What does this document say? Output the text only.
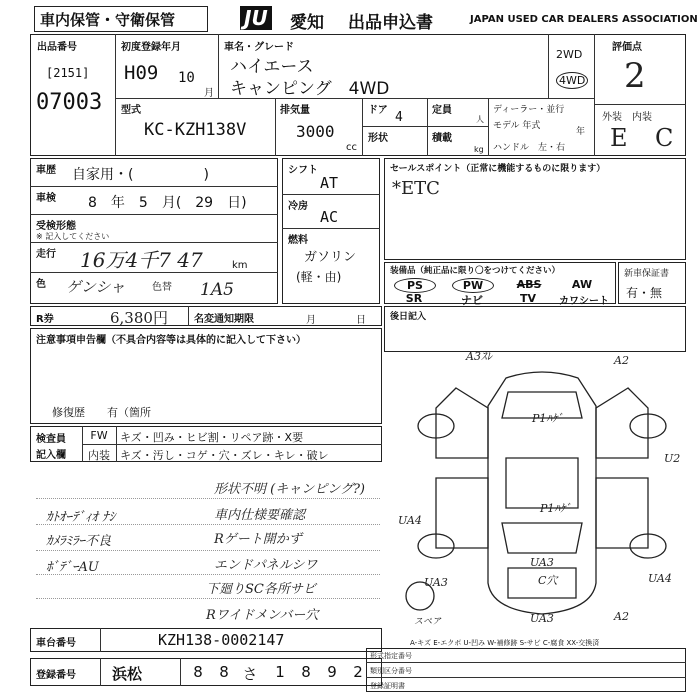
車内保管・守衛保管	JU 愛知 出品申込書	JAPAN USED CAR DEALERS ASSOCIATION
出品番号
[2151]
07003
初度登録年月
H09 10
月
車名・グレード
ハイエース
キャンピング　4WD
2WD
4WD
評価点
2
外装　内装
E C
型式
KC-KZH138V
排気量
3000
cc
ドア 4
形状
定員
人
積載
kg
ディーラー・並行
モデル 年式
年
ハンドル　左・右
車歴 自家用・(　　　　　)
車検 8　年　5　月(　29　日)
受検形態
※ 記入してください
走行 16万4千7 47	km
色 ゲンシャ	色替 1A5
シフト
AT
冷房
AC
燃料
ガソリン
(軽・由)
セールスポイント（正常に機能するものに限ります）
*ETC
装備品（純正品に限り〇をつけてください）
PS	PW	ABS	AW
SR	ナビ	TV	カワシート
新車保証書
有・無
R券	6,380円	名変通知期限	月	日	後日記入
注意事項申告欄（不具合内容等は具体的に記入して下さい）
修復歴　　有（箇所
検査員
記入欄
FW	キズ・凹み・ヒビ割・リペア跡・X要
内装 キズ・汚し・コゲ・穴・ズレ・キレ・破レ
ｶﾄｵｰﾃﾞｨｵ ﾅｼ
ｶﾒﾗﾐﾗｰ不良
ﾎﾞﾃﾞｰAU
形状不明 (キャンピング?)
車内仕様要確認
Rゲート開かず
エンドパネルシワ
下廻りSC各所サビ
Rワイドメンバー穴
A3ｽﾚ	A2
P1ﾊｹﾞ
U2
P1ﾊｹﾞ
UA4
UA3
C穴
UA3	UA4
UA3	A2
スペア
A-キズ E-エクボ U-凹み W-補修跡 S-サビ C-腐食 XX-交換済
車台番号	KZH138-0002147
登録番号 浜松	8	8 さ	1	8	9	2
形式指定番号
類別区分番号
登録証明書
